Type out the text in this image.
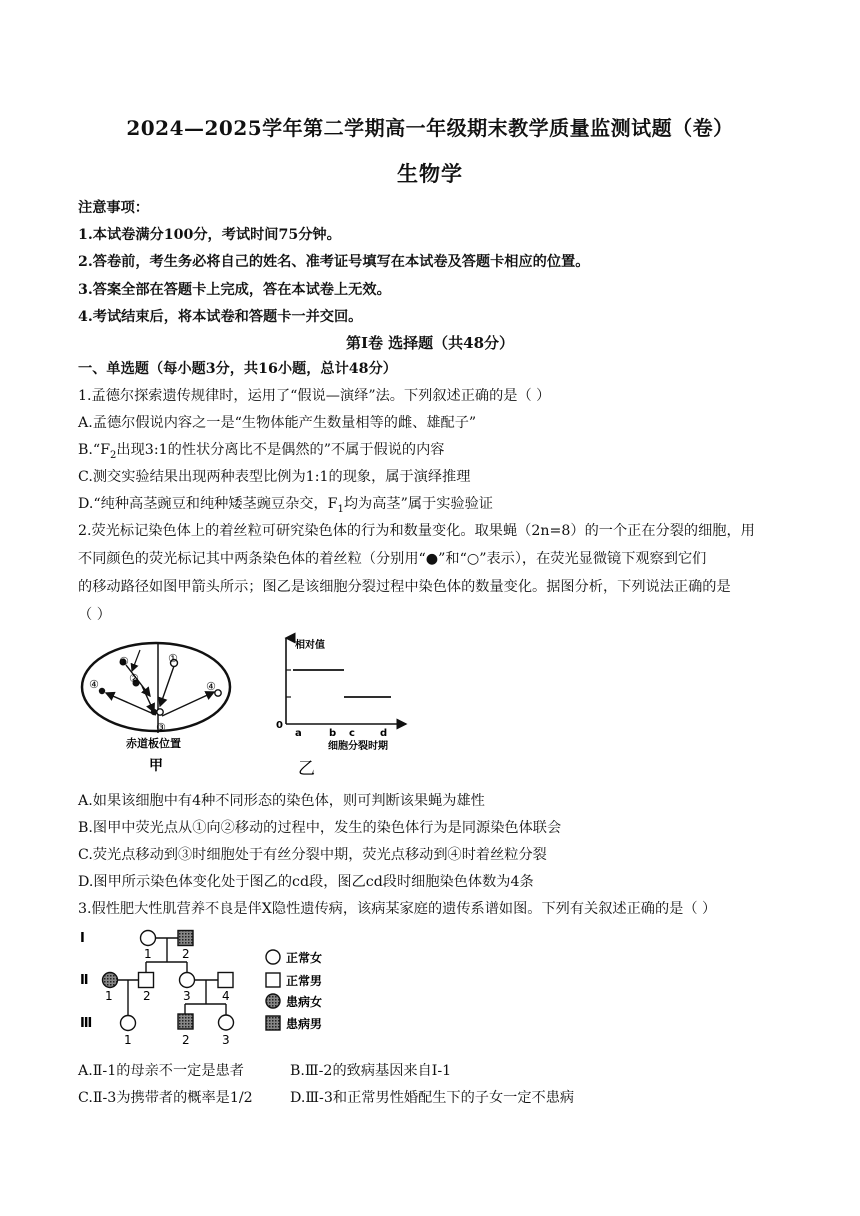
2024—2025学年第二学期高一年级期末教学质量监测试题（卷）
生物学
注意事项：
1.本试卷满分100分，考试时间75分钟。
2.答卷前，考生务必将自己的姓名、准考证号填写在本试卷及答题卡相应的位置。
3.答案全部在答题卡上完成，答在本试卷上无效。
4.考试结束后，将本试卷和答题卡一并交回。
第Ⅰ卷 选择题（共48分）
一、单选题（每小题3分，共16小题，总计48分）
1.孟德尔探索遗传规律时，运用了“假说—演绎”法。下列叙述正确的是（ ）
A.孟德尔假说内容之一是“生物体能产生数量相等的雌、雄配子”
$B.“F_2$出现3:1的性状分离比不是偶然的”不属于假说的内容
C.测交实验结果出现两种表型比例为1:1的现象，属于演绎推理
D.“纯种高茎豌豆和纯种矮茎豌豆杂交，$F_1$均为高茎”属于实验验证
2.荧光标记染色体上的着丝粒可研究染色体的行为和数量变化。取果蝇（2n=8）的一个正在分裂的细胞，用
不同颜色的荧光标记其中两条染色体的着丝粒（分别用“●”和“○”表示），在荧光显微镜下观察到它们
的移动路径如图甲箭头所示；图乙是该细胞分裂过程中染色体的数量变化。据图分析，下列说法正确的是
（ ）
①
②
③
④
①
④
赤道板位置
甲
相对值
0
a	b c	d
细胞分裂时期
乙
A.如果该细胞中有4种不同形态的染色体，则可判断该果蝇为雄性
B.图甲中荧光点从①向②移动的过程中，发生的染色体行为是同源染色体联会
C.荧光点移动到③时细胞处于有丝分裂中期，荧光点移动到④时着丝粒分裂
D.图甲所示染色体变化处于图乙的cd段，图乙cd段时细胞染色体数为4条
3.假性肥大性肌营养不良是伴X隐性遗传病，该病某家庭的遗传系谱如图。下列有关叙述正确的是（ ）
Ⅰ
Ⅱ
Ⅲ
1	2
1	2	3	4
1	2	3
正常女
正常男
患病女
患病男
A.Ⅱ-1的母亲不一定是患者	B.Ⅲ-2的致病基因来自Ⅰ-1
C.Ⅱ-3为携带者的概率是1/2	D.Ⅲ-3和正常男性婚配生下的子女一定不患病
